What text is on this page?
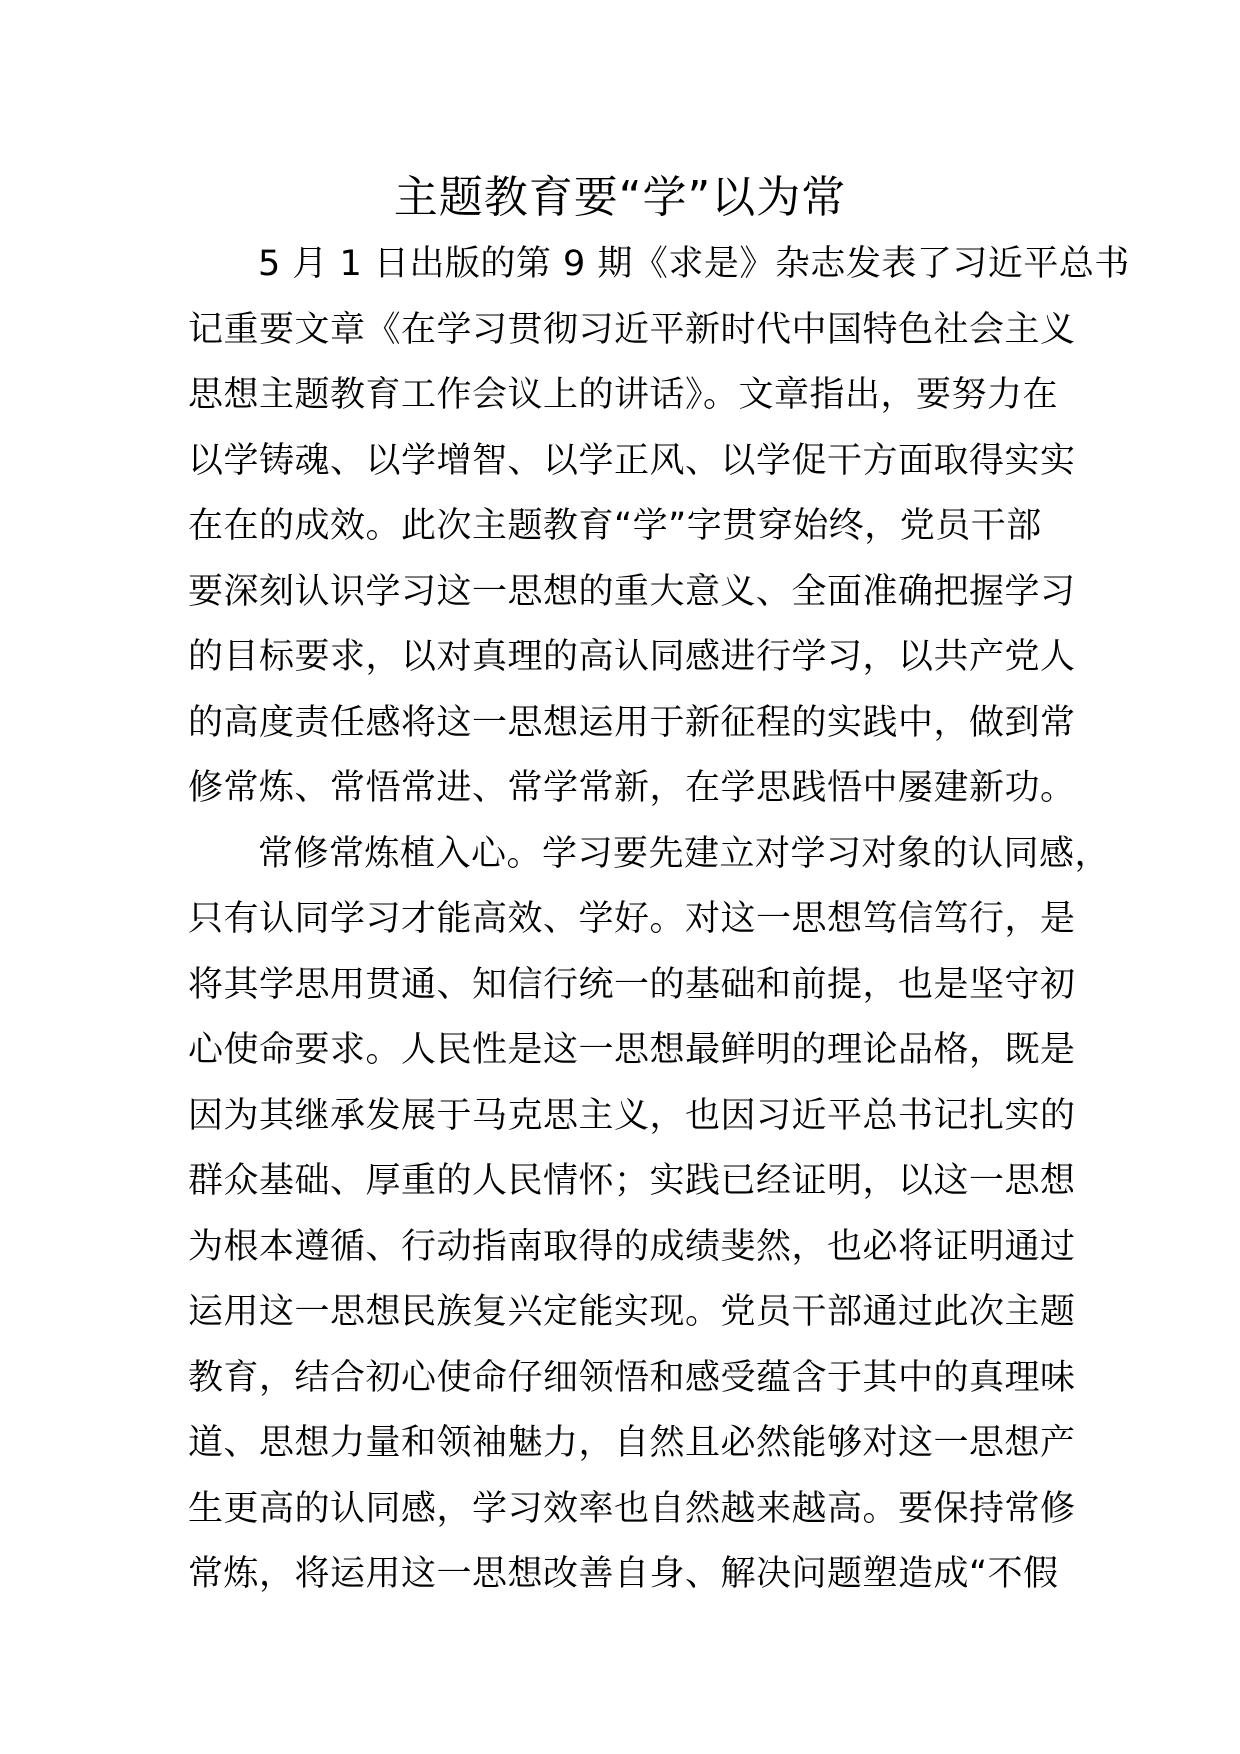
主题教育要“学”以为常
5 月 1 日出版的第 9 期《求是》杂志发表了习近平总书
记重要文章《在学习贯彻习近平新时代中国特色社会主义
思想主题教育工作会议上的讲话》。文章指出，要努力在
以学铸魂、以学增智、以学正风、以学促干方面取得实实
在在的成效。此次主题教育“学”字贯穿始终，党员干部
要深刻认识学习这一思想的重大意义、全面准确把握学习
的目标要求，以对真理的高认同感进行学习，以共产党人
的高度责任感将这一思想运用于新征程的实践中，做到常
修常炼、常悟常进、常学常新，在学思践悟中屡建新功。
常修常炼植入心。学习要先建立对学习对象的认同感，
只有认同学习才能高效、学好。对这一思想笃信笃行，是
将其学思用贯通、知信行统一的基础和前提，也是坚守初
心使命要求。人民性是这一思想最鲜明的理论品格，既是
因为其继承发展于马克思主义，也因习近平总书记扎实的
群众基础、厚重的人民情怀；实践已经证明，以这一思想
为根本遵循、行动指南取得的成绩斐然，也必将证明通过
运用这一思想民族复兴定能实现。党员干部通过此次主题
教育，结合初心使命仔细领悟和感受蕴含于其中的真理味
道、思想力量和领袖魅力，自然且必然能够对这一思想产
生更高的认同感，学习效率也自然越来越高。要保持常修
常炼，将运用这一思想改善自身、解决问题塑造成“不假
